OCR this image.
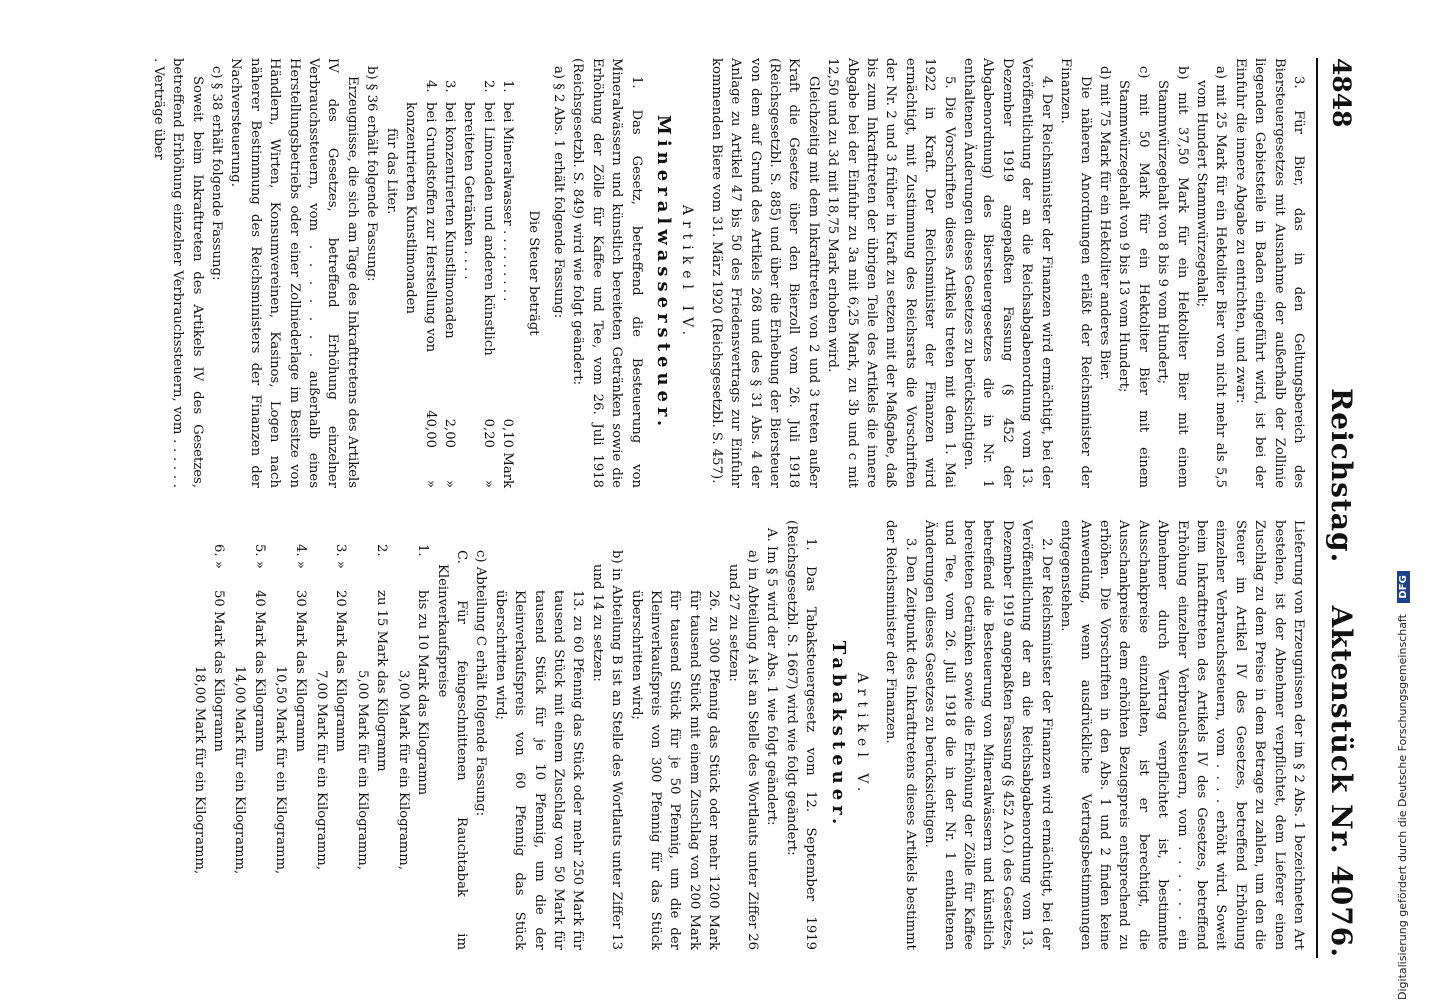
4848
Reichstag.
Aktenstück Nr. 4076.

3. Für Bier, das in den Geltungsbereich des Biersteuergesetzes mit Ausnahme der außerhalb der Zollinie liegenden Gebietsteile in Baden eingeführt wird, ist bei der Einfuhr die innere Abgabe zu entrichten, und zwar:

a) mit 25 Mark für ein Hektoliter Bier von nicht mehr als 5,5 vom Hundert Stammwürzegehalt;

b) mit 37,50 Mark für ein Hektoliter Bier mit einem Stammwürzegehalt von 8 bis 9 vom Hundert;

c) mit 50 Mark für ein Hektoliter Bier mit einem Stammwürzegehalt von 9 bis 13 vom Hundert;

d) mit 75 Mark für ein Hektoliter anderes Bier.

Die näheren Anordnungen erläßt der Reichsminister der Finanzen.

4. Der Reichsminister der Finanzen wird ermächtigt, bei der Veröffentlichung der an die Reichsabgabenordnung vom 13. Dezember 1919 angepaßten Fassung (§ 452 der Abgabenordnung) des Biersteuergesetzes die in Nr. 1 enthaltenen Änderungen dieses Gesetzes zu berücksichtigen.

5. Die Vorschriften dieses Artikels treten mit dem 1. Mai 1922 in Kraft. Der Reichsminister der Finanzen wird ermächtigt, mit Zustimmung des Reichsrats die Vorschriften der Nr. 2 und 3 früher in Kraft zu setzen mit der Maßgabe, daß bis zum Inkrafttreten der übrigen Teile des Artikels die innere Abgabe bei der Einfuhr zu 3a mit 6,25 Mark, zu 3b und c mit 12,50 und zu 3d mit 18,75 Mark erhoben wird.

Gleichzeitig mit dem Inkrafttreten von 2 und 3 treten außer Kraft die Gesetze über den Bierzoll vom 26. Juli 1918 (Reichsgesetzbl. S. 885) und über die Erhebung der Biersteuer von dem auf Grund des Artikels 268 und des § 31 Abs. 4 der Anlage zu Artikel 47 bis 50 des Friedensvertrags zur Einfuhr kommenden Biere vom 31. März 1920 (Reichsgesetzbl. S. 457).

Artikel IV.
Mineralwassersteuer.

1. Das Gesetz, betreffend die Besteuerung von Mineralwässern und künstlich bereiteten Getränken sowie die Erhöhung der Zölle für Kaffee und Tee, vom 26. Juli 1918 (Reichsgesetzbl. S. 849) wird wie folgt geändert:

a) § 2 Abs. 1 erhält folgende Fassung:

Die Steuer beträgt

1.
bei Mineralwasser . . . . . . . . .
0,10
Mark
2.
bei Limonaden und anderen künstlich bereiteten Getränken . . . .
0,20
»
3.
bei konzentrierten Kunstlimonaden
2,00
»
4.
bei Grundstoffen zur Herstellung von konzentrierten Kunstlimonaden
40,00
»

für das Liter.

b) § 36 erhält folgende Fassung:

Erzeugnisse, die sich am Tage des Inkrafttretens des Artikels IV des Gesetzes, betreffend Erhöhung einzelner Verbrauchssteuern, vom . . . . . . . außerhalb eines Herstellungsbetriebs oder einer Zollniederlage im Besitze von Händlern, Wirten, Konsumvereinen, Kasinos, Logen nach näherer Bestimmung des Reichsministers der Finanzen der Nachversteuerung.

c) § 38 erhält folgende Fassung:

Soweit beim Inkrafttreten des Artikels IV des Gesetzes, betreffend Erhöhung einzelner Verbrauchssteuern, vom . . . . . . . Verträge über

Lieferung von Erzeugnissen der im § 2 Abs. 1 bezeichneten Art bestehen, ist der Abnehmer verpflichtet, dem Lieferer einen Zuschlag zu dem Preise in dem Betrage zu zahlen, um den die Steuer im Artikel IV des Gesetzes, betreffend Erhöhung einzelner Verbrauchssteuern, vom . . . . erhöht wird. Soweit beim Inkrafttreten des Artikels IV des Gesetzes, betreffend Erhöhung einzelner Verbrauchssteuern, vom . . . . . . ein Abnehmer durch Vertrag verpflichtet ist, bestimmte Ausschankpreise einzuhalten, ist er berechtigt, die Ausschankpreise dem erhöhten Bezugspreis entsprechend zu erhöhen. Die Vorschriften in den Abs. 1 und 2 finden keine Anwendung, wenn ausdrückliche Vertragsbestimmungen entgegenstehen.

2. Der Reichsminister der Finanzen wird ermächtigt, bei der Veröffentlichung der an die Reichsabgabenordnung vom 13. Dezember 1919 angepaßten Fassung (§ 452 A.O.) des Gesetzes, betreffend die Besteuerung von Mineralwässern und künstlich bereiteten Getränken sowie die Erhöhung der Zölle für Kaffee und Tee, vom 26. Juli 1918 die in der Nr. 1 enthaltenen Änderungen dieses Gesetzes zu berücksichtigen.

3. Den Zeitpunkt des Inkrafttretens dieses Artikels bestimmt der Reichsminister der Finanzen.

Artikel V.
Tabaksteuer.

1. Das Tabaksteuergesetz vom 12. September 1919 (Reichsgesetzbl. S. 1667) wird wie folgt geändert:

A. Im § 5 wird der Abs. 1 wie folgt geändert:

a) in Abteilung A ist an Stelle des Wortlauts unter Ziffer 26 und 27 zu setzen:

26. zu 300 Pfennig das Stück oder mehr 1200 Mark für tausend Stück mit einem Zuschlag von 200 Mark für tausend Stück für je 50 Pfennig, um die der Kleinverkaufspreis von 300 Pfennig für das Stück überschritten wird;

b) in Abteilung B ist an Stelle des Wortlauts unter Ziffer 13 und 14 zu setzen:

13. zu 60 Pfennig das Stück oder mehr 250 Mark für tausend Stück mit einem Zuschlag von 50 Mark für tausend Stück für je 10 Pfennig, um die der Kleinverkaufspreis von 60 Pfennig das Stück überschritten wird;

c) Abteilung C erhält folgende Fassung:

C. Für feingeschnittenen Rauchtabak im Kleinverkaufspreise

1.
bis zu 10 Mark das Kilogramm

3,00 Mark für ein Kilogramm,

2.
zu 15 Mark das Kilogramm

5,00 Mark für ein Kilogramm,

3. »
20 Mark das Kilogramm

7,00 Mark für ein Kilogramm,

4. »
30 Mark das Kilogramm

10,50 Mark für ein Kilogramm,

5. »
40 Mark das Kilogramm

14,00 Mark für ein Kilogramm,

6. »
50 Mark das Kilogramm

18,00 Mark für ein Kilogramm,	Digitalisierung gefördert durch die Deutsche Forschungsgemeinschaft DFG
